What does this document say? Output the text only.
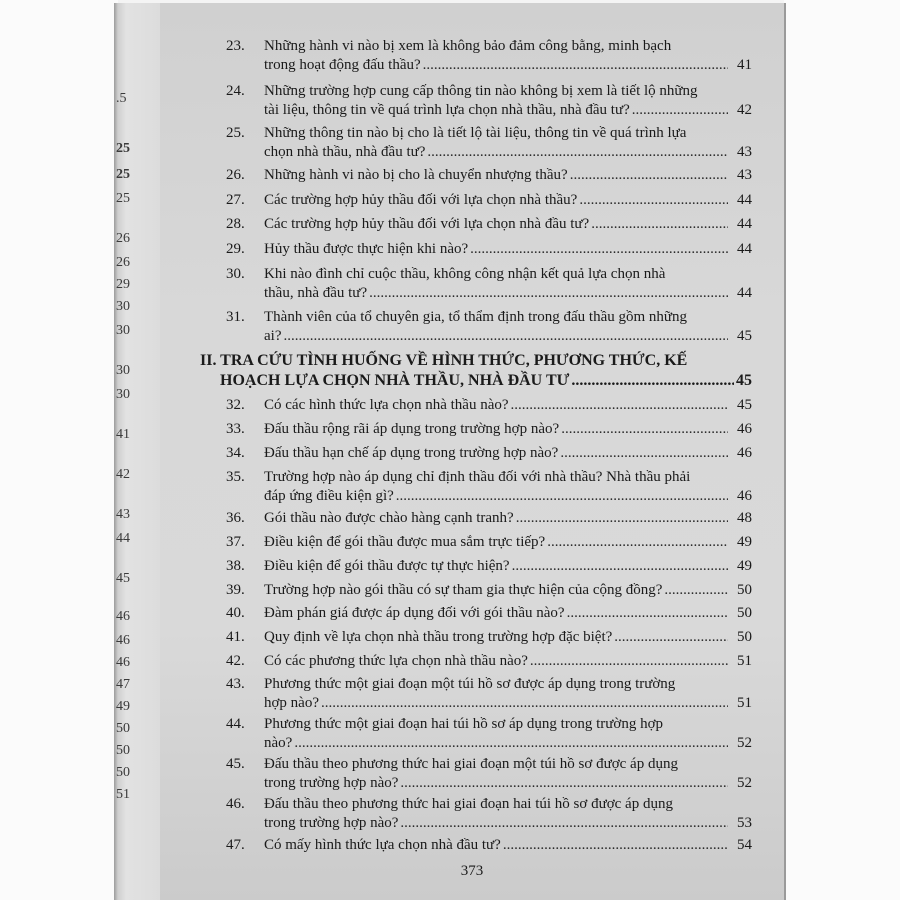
.5
25
25
25
26
26
29
30
30
30
30
41
42
43
44
45
46
46
46
47
49
50
50
50
51
23.	Những hành vi nào bị xem là không bảo đảm công bằng, minh bạch
trong hoạt động đấu thầu? .....	41
24.	Những trường hợp cung cấp thông tin nào không bị xem là tiết lộ những
tài liệu, thông tin về quá trình lựa chọn nhà thầu, nhà đầu tư? .....	42
25.	Những thông tin nào bị cho là tiết lộ tài liệu, thông tin về quá trình lựa
chọn nhà thầu, nhà đầu tư? .....	43
26.	Những hành vi nào bị cho là chuyển nhượng thầu? .....	43
27.	Các trường hợp hủy thầu đối với lựa chọn nhà thầu? .....	44
28.	Các trường hợp hủy thầu đối với lựa chọn nhà đầu tư? .....	44
29.	Hủy thầu được thực hiện khi nào? .....	44
30.	Khi nào đình chỉ cuộc thầu, không công nhận kết quả lựa chọn nhà
thầu, nhà đầu tư? .....	44
31.	Thành viên của tổ chuyên gia, tổ thẩm định trong đấu thầu gồm những
ai? .....	45
II. TRA CỨU TÌNH HUỐNG VỀ HÌNH THỨC, PHƯƠNG THỨC, KẾ
HOẠCH LỰA CHỌN NHÀ THẦU, NHÀ ĐẦU TƯ .....	45
32.	Có các hình thức lựa chọn nhà thầu nào? .....	45
33.	Đấu thầu rộng rãi áp dụng trong trường hợp nào? .....	46
34.	Đấu thầu hạn chế áp dụng trong trường hợp nào? .....	46
35.	Trường hợp nào áp dụng chỉ định thầu đối với nhà thầu? Nhà thầu phải
đáp ứng điều kiện gì? .....	46
36.	Gói thầu nào được chào hàng cạnh tranh? .....	48
37.	Điều kiện để gói thầu được mua sắm trực tiếp? .....	49
38.	Điều kiện để gói thầu được tự thực hiện? .....	49
39.	Trường hợp nào gói thầu có sự tham gia thực hiện của cộng đồng? .....	50
40.	Đàm phán giá được áp dụng đối với gói thầu nào? .....	50
41.	Quy định về lựa chọn nhà thầu trong trường hợp đặc biệt? .....	50
42.	Có các phương thức lựa chọn nhà thầu nào? .....	51
43.	Phương thức một giai đoạn một túi hồ sơ được áp dụng trong trường
hợp nào? .....	51
44.	Phương thức một giai đoạn hai túi hồ sơ áp dụng trong trường hợp
nào? .....	52
45.	Đấu thầu theo phương thức hai giai đoạn một túi hồ sơ được áp dụng
trong trường hợp nào? .....	52
46.	Đấu thầu theo phương thức hai giai đoạn hai túi hồ sơ được áp dụng
trong trường hợp nào? .....	53
47.	Có mấy hình thức lựa chọn nhà đầu tư? .....	54
373
